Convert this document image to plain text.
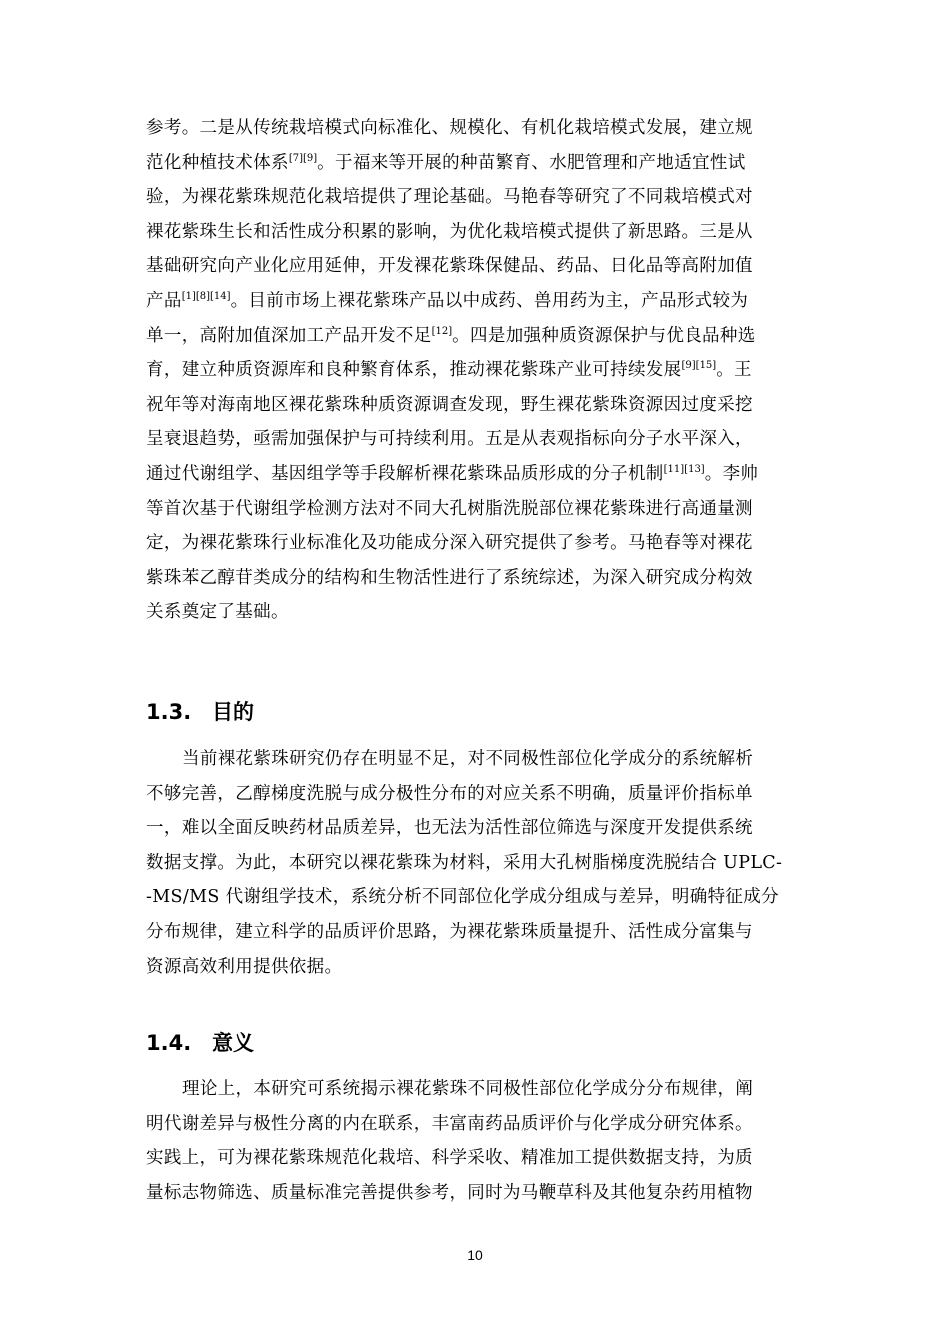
参考。二是从传统栽培模式向标准化、规模化、有机化栽培模式发展，建立规
范化种植技术体系[7][9]。于福来等开展的种苗繁育、水肥管理和产地适宜性试
验，为裸花紫珠规范化栽培提供了理论基础。马艳春等研究了不同栽培模式对
裸花紫珠生长和活性成分积累的影响，为优化栽培模式提供了新思路。三是从
基础研究向产业化应用延伸，开发裸花紫珠保健品、药品、日化品等高附加值
产品[1][8][14]。目前市场上裸花紫珠产品以中成药、兽用药为主，产品形式较为
单一，高附加值深加工产品开发不足[12]。四是加强种质资源保护与优良品种选
育，建立种质资源库和良种繁育体系，推动裸花紫珠产业可持续发展[9][15]。王
祝年等对海南地区裸花紫珠种质资源调查发现，野生裸花紫珠资源因过度采挖
呈衰退趋势，亟需加强保护与可持续利用。五是从表观指标向分子水平深入，
通过代谢组学、基因组学等手段解析裸花紫珠品质形成的分子机制[11][13]。李帅
等首次基于代谢组学检测方法对不同大孔树脂洗脱部位裸花紫珠进行高通量测
定，为裸花紫珠行业标准化及功能成分深入研究提供了参考。马艳春等对裸花
紫珠苯乙醇苷类成分的结构和生物活性进行了系统综述，为深入研究成分构效
关系奠定了基础。
1.3. 目的
当前裸花紫珠研究仍存在明显不足，对不同极性部位化学成分的系统解析
不够完善，乙醇梯度洗脱与成分极性分布的对应关系不明确，质量评价指标单
一，难以全面反映药材品质差异，也无法为活性部位筛选与深度开发提供系统
数据支撑。为此，本研究以裸花紫珠为材料，采用大孔树脂梯度洗脱结合 UPLC-
-MS/MS 代谢组学技术，系统分析不同部位化学成分组成与差异，明确特征成分
分布规律，建立科学的品质评价思路，为裸花紫珠质量提升、活性成分富集与
资源高效利用提供依据。
1.4. 意义
理论上，本研究可系统揭示裸花紫珠不同极性部位化学成分分布规律，阐
明代谢差异与极性分离的内在联系，丰富南药品质评价与化学成分研究体系。
实践上，可为裸花紫珠规范化栽培、科学采收、精准加工提供数据支持，为质
量标志物筛选、质量标准完善提供参考，同时为马鞭草科及其他复杂药用植物
10
